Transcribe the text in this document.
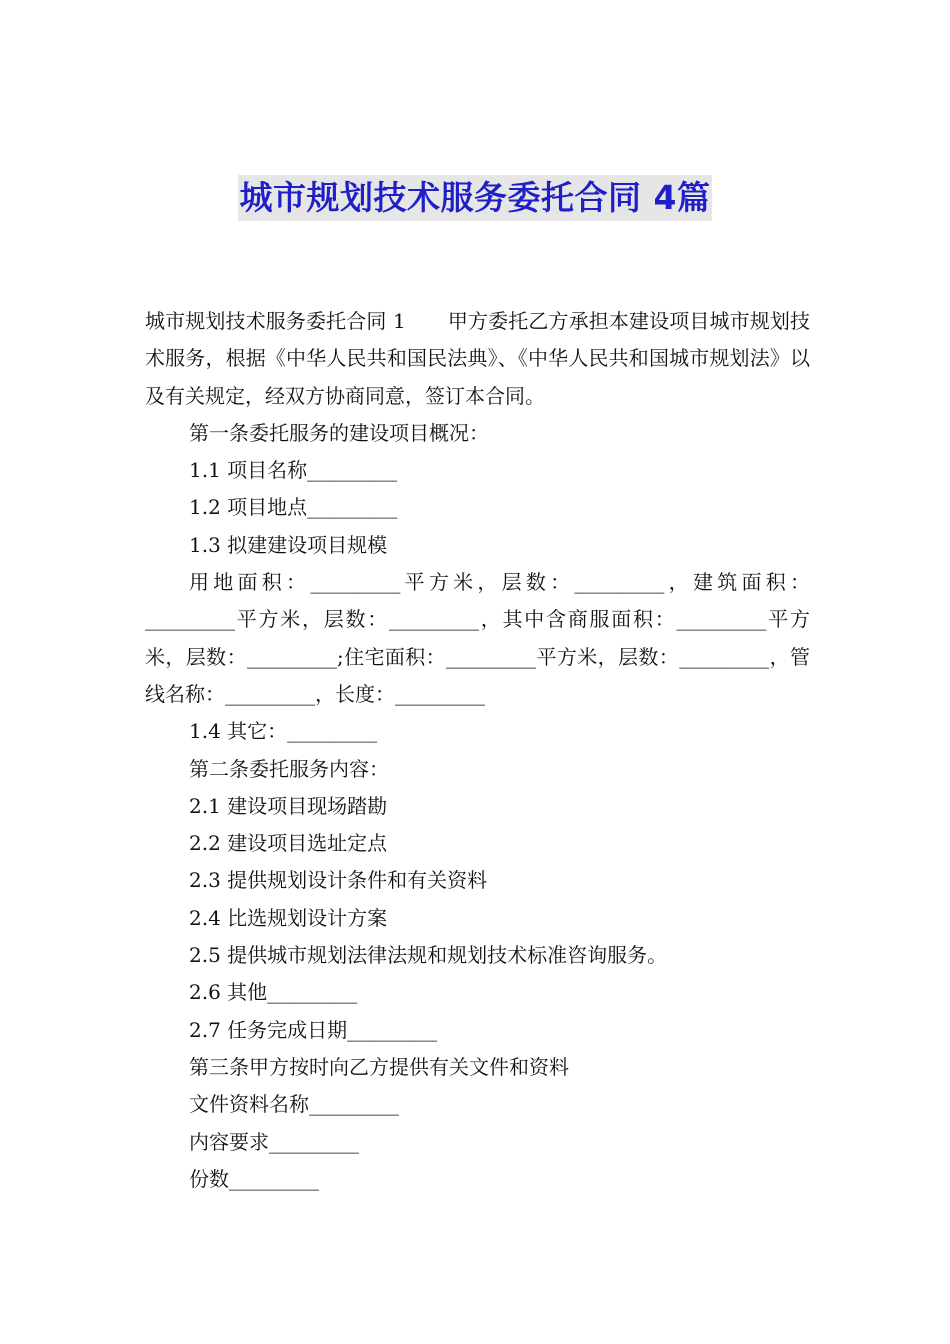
城市规划技术服务委托合同 4篇
城市规划技术服务委托合同 1 甲方委托乙方承担本建设项目城市规划技术服务，根据《中华人民共和国民法典》、《中华人民共和国城市规划法》以及有关规定，经双方协商同意，签订本合同。
第一条委托服务的建设项目概况：
1.1 项目名称_________
1.2 项目地点_________
1.3 拟建建设项目规模
用地面积：_________平方米，层数：_________，建筑面积：_________平方米，层数：_________，其中含商服面积：_________平方米，层数：_________;住宅面积：_________平方米，层数：_________，管线名称：_________，长度：_________
1.4 其它：_________
第二条委托服务内容：
2.1 建设项目现场踏勘
2.2 建设项目选址定点
2.3 提供规划设计条件和有关资料
2.4 比选规划设计方案
2.5 提供城市规划法律法规和规划技术标准咨询服务。
2.6 其他_________
2.7 任务完成日期_________
第三条甲方按时向乙方提供有关文件和资料
文件资料名称_________
内容要求_________
份数_________
